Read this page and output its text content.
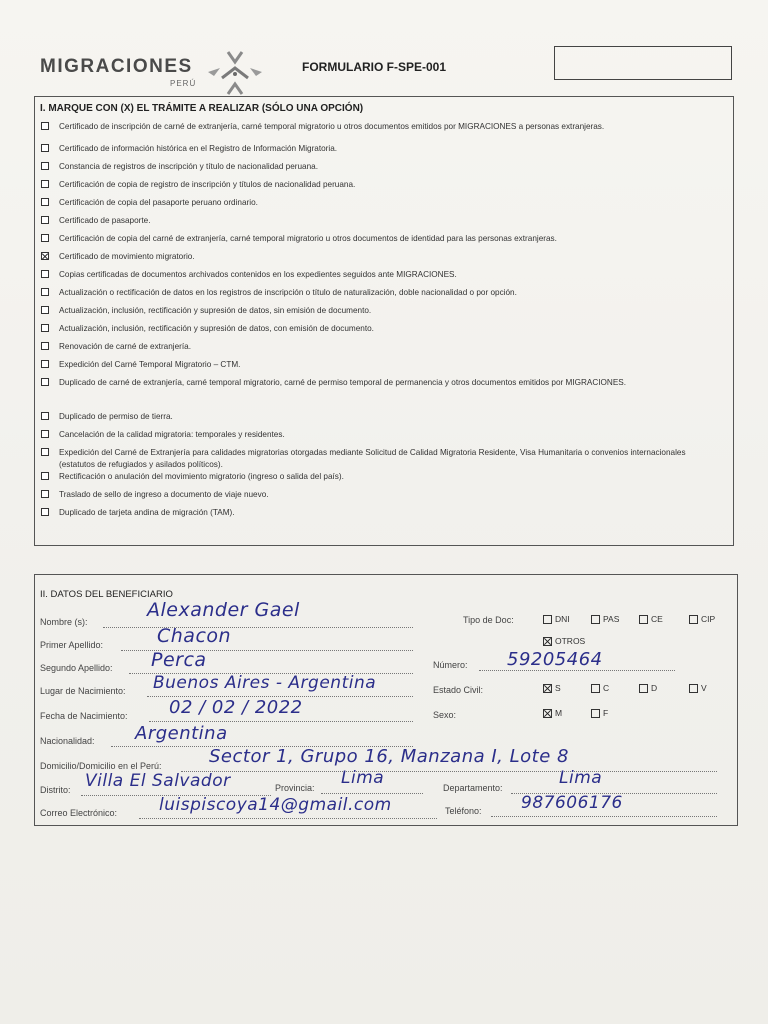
MIGRACIONES
PERÚ
FORMULARIO F-SPE-001
I. MARQUE CON (X) EL TRÁMITE A REALIZAR (SÓLO UNA OPCIÓN)
Certificado de inscripción de carné de extranjería, carné temporal migratorio u otros documentos emitidos por MIGRACIONES a personas extranjeras.
Certificado de información histórica en el Registro de Información Migratoria.
Constancia de registros de inscripción y título de nacionalidad peruana.
Certificación de copia de registro de inscripción y títulos de nacionalidad peruana.
Certificación de copia del pasaporte peruano ordinario.
Certificado de pasaporte.
Certificación de copia del carné de extranjería, carné temporal migratorio u otros documentos de identidad para las personas extranjeras.
Certificado de movimiento migratorio.
Copias certificadas de documentos archivados contenidos en los expedientes seguidos ante MIGRACIONES.
Actualización o rectificación de datos en los registros de inscripción o título de naturalización, doble nacionalidad o por opción.
Actualización, inclusión, rectificación y supresión de datos, sin emisión de documento.
Actualización, inclusión, rectificación y supresión de datos, con emisión de documento.
Renovación de carné de extranjería.
Expedición del Carné Temporal Migratorio – CTM.
Duplicado de carné de extranjería, carné temporal migratorio, carné de permiso temporal de permanencia y otros documentos emitidos por MIGRACIONES.
Duplicado de permiso de tierra.
Cancelación de la calidad migratoria: temporales y residentes.
Expedición del Carné de Extranjería para calidades migratorias otorgadas mediante Solicitud de Calidad Migratoria Residente, Visa Humanitaria o convenios internacionales (estatutos de refugiados y asilados políticos).
Rectificación o anulación del movimiento migratorio (ingreso o salida del país).
Traslado de sello de ingreso a documento de viaje nuevo.
Duplicado de tarjeta andina de migración (TAM).
II. DATOS DEL BENEFICIARIO
Nombre (s):
Alexander Gael
Primer Apellido:	Chacon
Segundo Apellido: Perca
Lugar de Nacimiento: Buenos Aires - Argentina
Fecha de Nacimiento: 02 / 02 / 2022
Nacionalidad: Argentina
Domicilio/Domicilio en el Perú:	Sector 1, Grupo 16, Manzana I, Lote 8
Distrito: Villa El Salvador	Provincia: Lima	Departamento:	Lima
Correo Electrónico: luispiscoya14@gmail.com	Teléfono: 987606176
Tipo de Doc:	DNI	PAS	CE	CIP
OTROS
Número: 59205464
Estado Civil:	S	C	D	V
Sexo:	M	F
